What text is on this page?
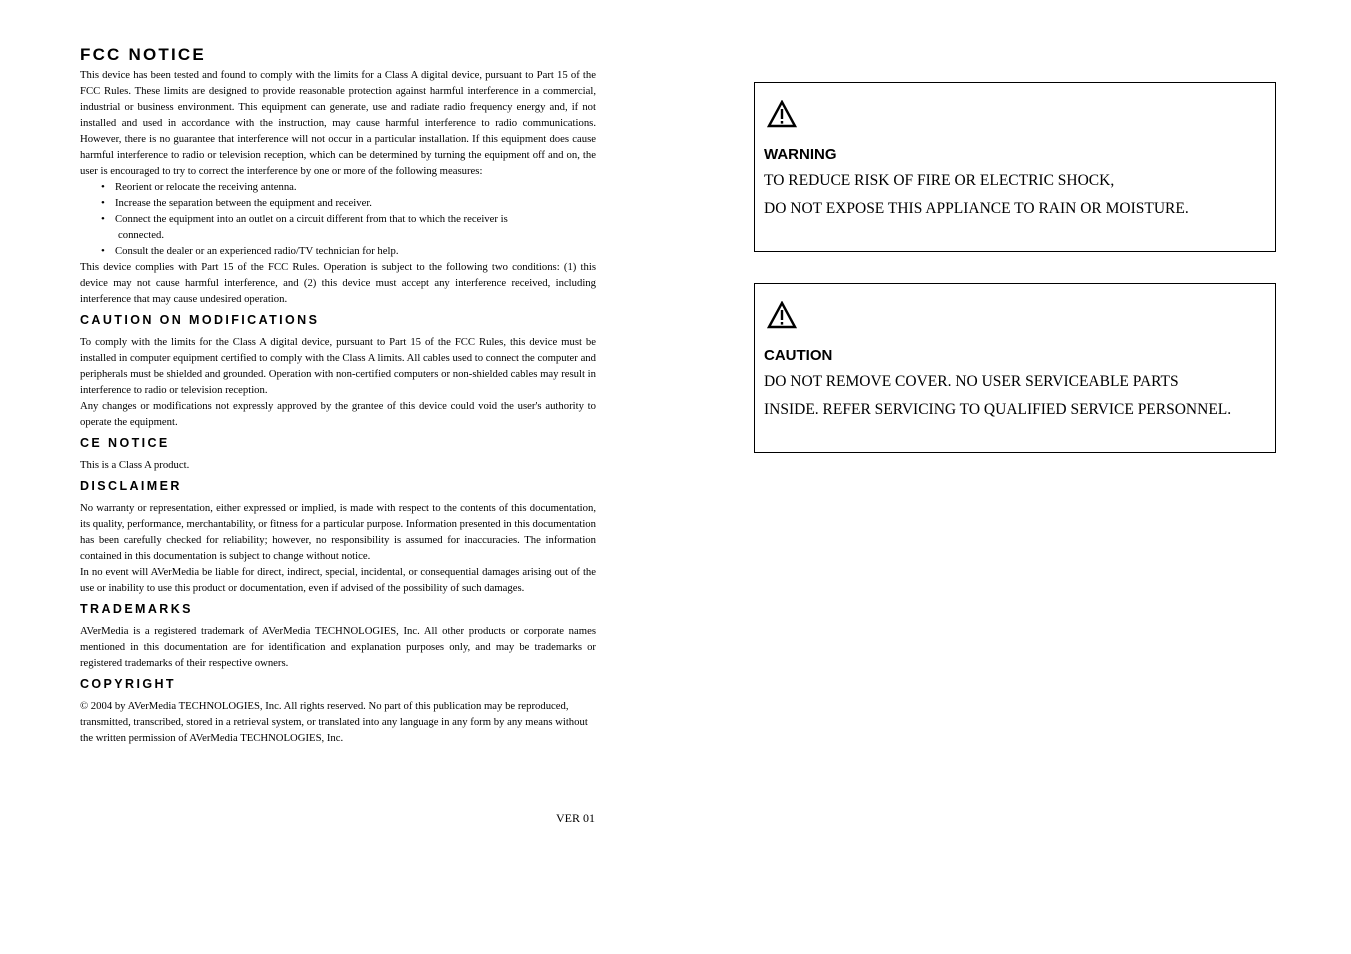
FCC NOTICE

This device has been tested and found to comply with the limits for a Class A digital device, pursuant to Part 15 of the FCC Rules. These limits are designed to provide reasonable protection against harmful interference in a commercial, industrial or business environment. This equipment can generate, use and radiate radio frequency energy and, if not installed and used in accordance with the instruction, may cause harmful interference to radio communications. However, there is no guarantee that interference will not occur in a particular installation. If this equipment does cause harmful interference to radio or television reception, which can be determined by turning the equipment off and on, the user is encouraged to try to correct the interference by one or more of the following measures:

• Reorient or relocate the receiving antenna.
• Increase the separation between the equipment and receiver.
• Connect the equipment into an outlet on a circuit different from that to which the receiver is
connected.
• Consult the dealer or an experienced radio/TV technician for help.

This device complies with Part 15 of the FCC Rules. Operation is subject to the following two conditions: (1) this device may not cause harmful interference, and (2) this device must accept any interference received, including interference that may cause undesired operation.

CAUTION ON MODIFICATIONS

To comply with the limits for the Class A digital device, pursuant to Part 15 of the FCC Rules, this device must be installed in computer equipment certified to comply with the Class A limits. All cables used to connect the computer and peripherals must be shielded and grounded. Operation with non-certified computers or non-shielded cables may result in interference to radio or television reception.

Any changes or modifications not expressly approved by the grantee of this device could void the user's authority to operate the equipment.

CE NOTICE

This is a Class A product.

DISCLAIMER

No warranty or representation, either expressed or implied, is made with respect to the contents of this documentation, its quality, performance, merchantability, or fitness for a particular purpose. Information presented in this documentation has been carefully checked for reliability; however, no responsibility is assumed for inaccuracies. The information contained in this documentation is subject to change without notice.

In no event will AVerMedia be liable for direct, indirect, special, incidental, or consequential damages arising out of the use or inability to use this product or documentation, even if advised of the possibility of such damages.

TRADEMARKS

AVerMedia is a registered trademark of AVerMedia TECHNOLOGIES, Inc. All other products or corporate names mentioned in this documentation are for identification and explanation purposes only, and may be trademarks or registered trademarks of their respective owners.

COPYRIGHT

© 2004 by AVerMedia TECHNOLOGIES, Inc. All rights reserved. No part of this publication may be reproduced, transmitted, transcribed, stored in a retrieval system, or translated into any language in any form by any means without the written permission of AVerMedia TECHNOLOGIES, Inc.

VER 01
WARNING
TO REDUCE RISK OF FIRE OR ELECTRIC SHOCK,
DO NOT EXPOSE THIS APPLIANCE TO RAIN OR MOISTURE.
CAUTION
DO NOT REMOVE COVER. NO USER SERVICEABLE PARTS
INSIDE. REFER SERVICING TO QUALIFIED SERVICE PERSONNEL.
